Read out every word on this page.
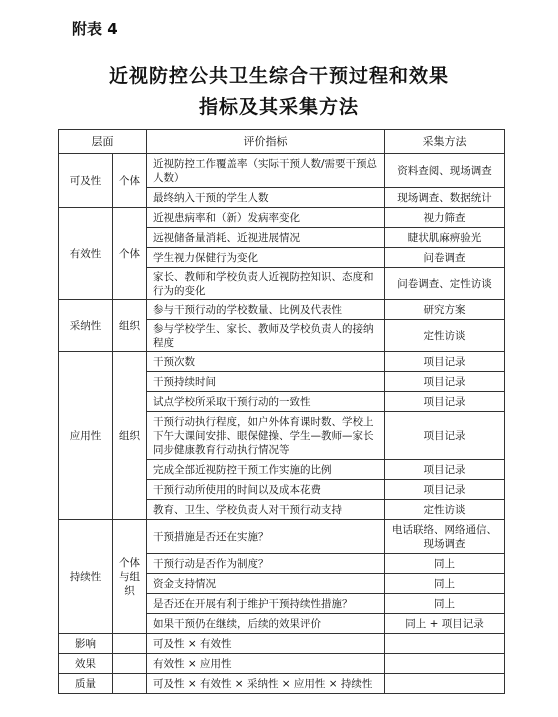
附表 4
近视防控公共卫生综合干预过程和效果
指标及其采集方法
层面		评价指标	采集方法
可及性	个体	近视防控工作覆盖率（实际干预人数/需要干预总人数）	资料查阅、现场调查
		最终纳入干预的学生人数	现场调查、数据统计
有效性	个体	近视患病率和（新）发病率变化	视力筛查
		远视储备量消耗、近视进展情况	睫状肌麻痹验光
		学生视力保健行为变化	问卷调查
		家长、教师和学校负责人近视防控知识、态度和行为的变化	问卷调查、定性访谈
采纳性	组织	参与干预行动的学校数量、比例及代表性	研究方案
		参与学校学生、家长、教师及学校负责人的接纳程度	定性访谈
应用性	组织	干预次数	项目记录
		干预持续时间	项目记录
		试点学校所采取干预行动的一致性	项目记录
		干预行动执行程度，如户外体育课时数、学校上下午大课间安排、眼保健操、学生—教师—家长同步健康教育行动执行情况等	项目记录
		完成全部近视防控干预工作实施的比例	项目记录
		干预行动所使用的时间以及成本花费	项目记录
		教育、卫生、学校负责人对干预行动支持	定性访谈
持续性	个体与组织	干预措施是否还在实施？	电话联络、网络通信、现场调查
		干预行动是否作为制度？	同上
		资金支持情况	同上
		是否还在开展有利于维护干预持续性措施？	同上
		如果干预仍在继续，后续的效果评价	同上 + 项目记录
影响		可及性 × 有效性	
效果		有效性 × 应用性	
质量		可及性 × 有效性 × 采纳性 × 应用性 × 持续性	
